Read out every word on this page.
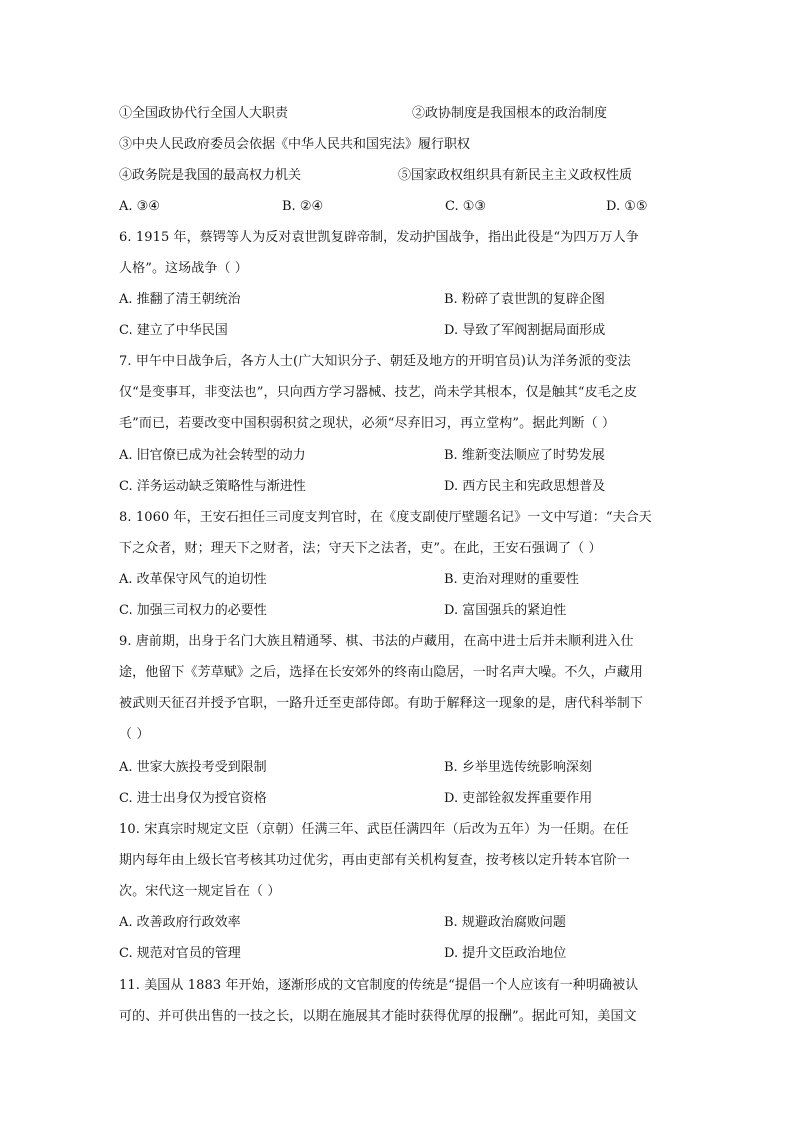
①全国政协代行全国人大职责	②政协制度是我国根本的政治制度
③中央人民政府委员会依据《中华人民共和国宪法》履行职权
④政务院是我国的最高权力机关	⑤国家政权组织具有新民主主义政权性质
A. ③④	B. ②④	C. ①③	D. ①⑤
6. 1915 年，蔡锷等人为反对袁世凯复辟帝制，发动护国战争，指出此役是“为四万万人争
人格”。这场战争（ ）
A. 推翻了清王朝统治	B. 粉碎了袁世凯的复辟企图
C. 建立了中华民国	D. 导致了军阀割据局面形成
7. 甲午中日战争后，各方人士(广大知识分子、朝廷及地方的开明官员)认为洋务派的变法
仅“是变事耳，非变法也”，只向西方学习器械、技艺，尚未学其根本，仅是触其“皮毛之皮
毛”而已，若要改变中国积弱积贫之现状，必须“尽弃旧习，再立堂构”。据此判断（ ）
A. 旧官僚已成为社会转型的动力	B. 维新变法顺应了时势发展
C. 洋务运动缺乏策略性与渐进性	D. 西方民主和宪政思想普及
8. 1060 年，王安石担任三司度支判官时，在《度支副使厅壁题名记》一文中写道：“夫合天
下之众者，财；理天下之财者，法；守天下之法者，吏”。在此，王安石强调了（ ）
A. 改革保守风气的迫切性	B. 吏治对理财的重要性
C. 加强三司权力的必要性	D. 富国强兵的紧迫性
9. 唐前期，出身于名门大族且精通琴、棋、书法的卢藏用，在高中进士后并未顺利进入仕
途，他留下《芳草赋》之后，选择在长安郊外的终南山隐居，一时名声大噪。不久，卢藏用
被武则天征召并授予官职，一路升迁至吏部侍郎。有助于解释这一现象的是，唐代科举制下
（ ）
A. 世家大族投考受到限制	B. 乡举里选传统影响深刻
C. 进士出身仅为授官资格	D. 吏部铨叙发挥重要作用
10. 宋真宗时规定文臣（京朝）任满三年、武臣任满四年（后改为五年）为一任期。在任
期内每年由上级长官考核其功过优劣，再由吏部有关机构复查，按考核以定升转本官阶一
次。宋代这一规定旨在（ ）
A. 改善政府行政效率	B. 规避政治腐败问题
C. 规范对官员的管理	D. 提升文臣政治地位
11. 美国从 1883 年开始，逐渐形成的文官制度的传统是“提倡一个人应该有一种明确被认
可的、并可供出售的一技之长，以期在施展其才能时获得优厚的报酬”。据此可知，美国文
